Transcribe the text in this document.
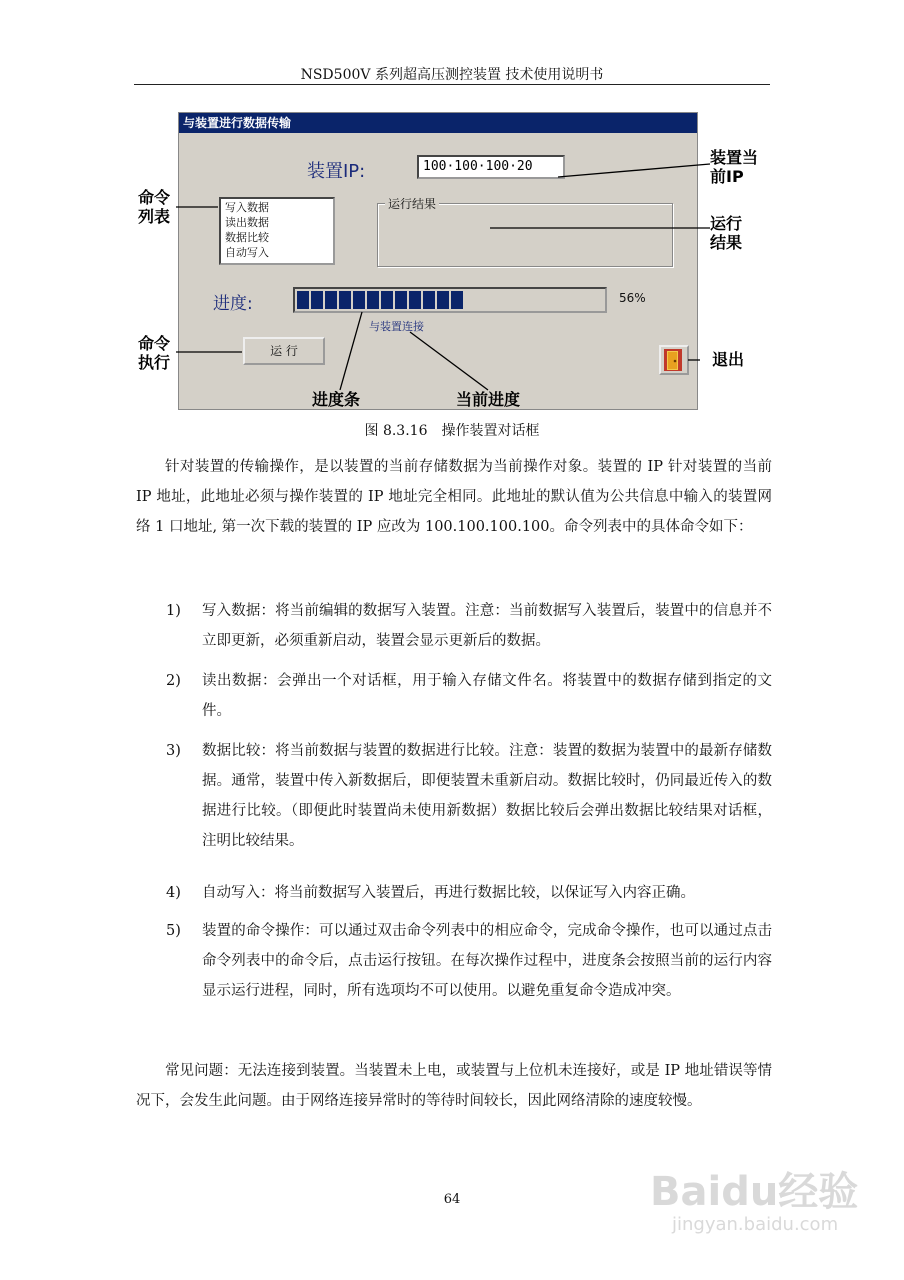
NSD500V 系列超高压测控装置 技术使用说明书
与装置进行数据传输
装置IP:	100·100·100·20
写入数据
读出数据
数据比较
自动写入
运行结果
进度:	56%
与装置连接
运 行
命令
列表
装置当
前IP
运行
结果
命令
执行	退出
进度条	当前进度
图 8.3.16　操作装置对话框
针对装置的传输操作，是以装置的当前存储数据为当前操作对象。装置的 IP 针对装置的当前 IP 地址，此地址必须与操作装置的 IP 地址完全相同。此地址的默认值为公共信息中输入的装置网络 1 口地址, 第一次下载的装置的 IP 应改为 100.100.100.100。命令列表中的具体命令如下：
1) 写入数据：将当前编辑的数据写入装置。注意：当前数据写入装置后，装置中的信息并不立即更新，必须重新启动，装置会显示更新后的数据。
2) 读出数据：会弹出一个对话框，用于输入存储文件名。将装置中的数据存储到指定的文件。
3) 数据比较：将当前数据与装置的数据进行比较。注意：装置的数据为装置中的最新存储数据。通常，装置中传入新数据后，即便装置未重新启动。数据比较时，仍同最近传入的数据进行比较。（即便此时装置尚未使用新数据）数据比较后会弹出数据比较结果对话框，注明比较结果。
4) 自动写入：将当前数据写入装置后，再进行数据比较，以保证写入内容正确。
5) 装置的命令操作：可以通过双击命令列表中的相应命令，完成命令操作，也可以通过点击命令列表中的命令后，点击运行按钮。在每次操作过程中，进度条会按照当前的运行内容显示运行进程，同时，所有选项均不可以使用。以避免重复命令造成冲突。
常见问题：无法连接到装置。当装置未上电，或装置与上位机未连接好，或是 IP 地址错误等情况下，会发生此问题。由于网络连接异常时的等待时间较长，因此网络清除的速度较慢。
64	Baidu经验
jingyan.baidu.com
